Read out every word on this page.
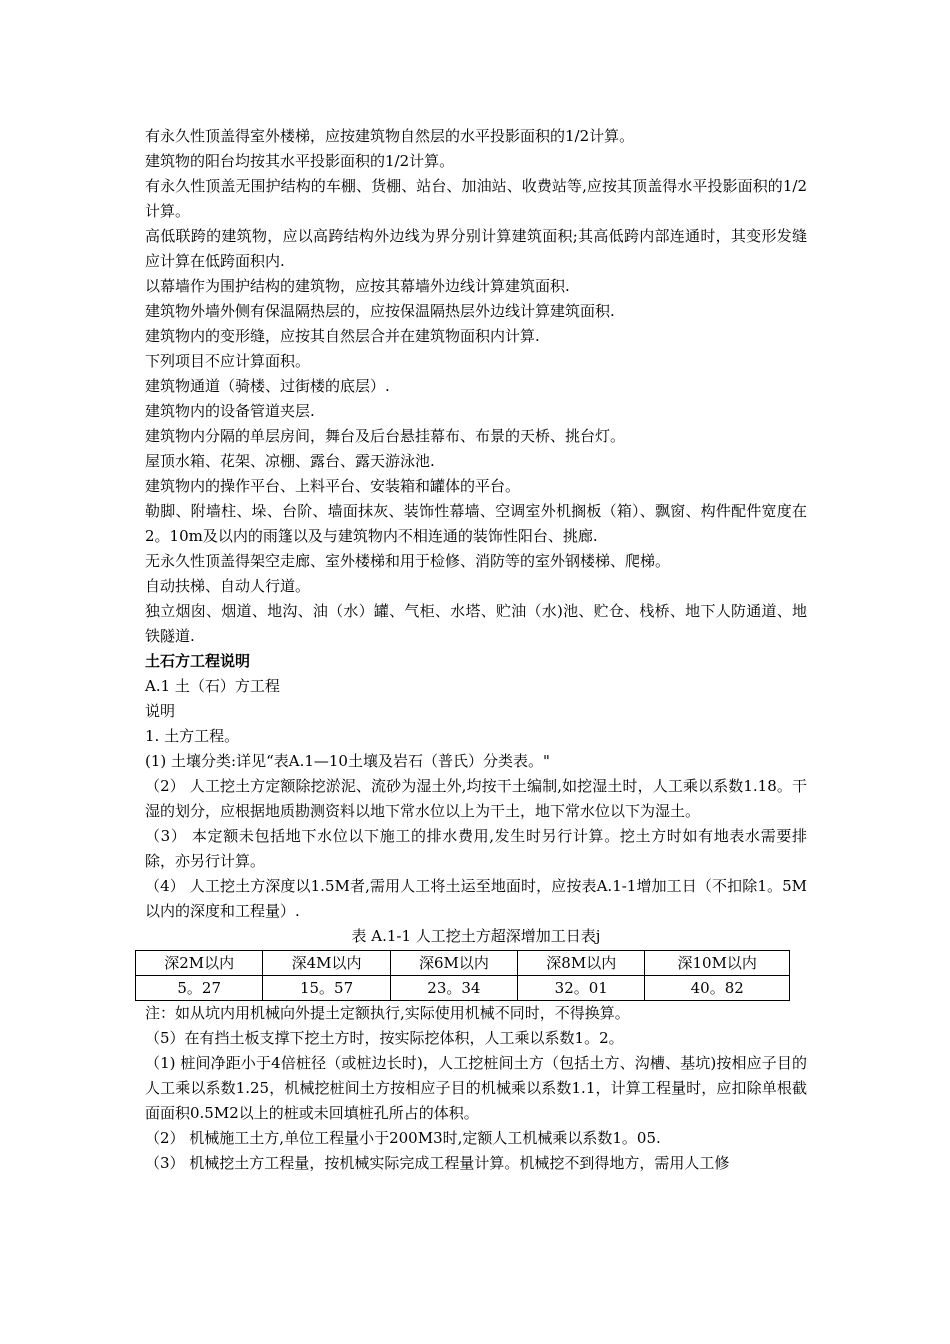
有永久性顶盖得室外楼梯，应按建筑物自然层的水平投影面积的1/2计算。

建筑物的阳台均按其水平投影面积的1/2计算。

有永久性顶盖无围护结构的车棚、货棚、站台、加油站、收费站等,应按其顶盖得水平投影面积的1/2计算。

高低联跨的建筑物，应以高跨结构外边线为界分别计算建筑面积;其高低跨内部连通时，其变形发缝应计算在低跨面积内.

以幕墙作为围护结构的建筑物，应按其幕墙外边线计算建筑面积.

建筑物外墙外侧有保温隔热层的，应按保温隔热层外边线计算建筑面积.

建筑物内的变形缝，应按其自然层合并在建筑物面积内计算.

下列项目不应计算面积。

建筑物通道（骑楼、过街楼的底层）.

建筑物内的设备管道夹层.

建筑物内分隔的单层房间，舞台及后台悬挂幕布、布景的天桥、挑台灯。

屋顶水箱、花架、凉棚、露台、露天游泳池.

建筑物内的操作平台、上料平台、安装箱和罐体的平台。

勒脚、附墙柱、垛、台阶、墙面抹灰、装饰性幕墙、空调室外机搁板（箱）、飘窗、构件配件宽度在2。10m及以内的雨篷以及与建筑物内不相连通的装饰性阳台、挑廊.

无永久性顶盖得架空走廊、室外楼梯和用于检修、消防等的室外钢楼梯、爬梯。

自动扶梯、自动人行道。

独立烟囱、烟道、地沟、油（水）罐、气柜、水塔、贮油（水)池、贮仓、栈桥、地下人防通道、地铁隧道.

土石方工程说明

A.1 土（石）方工程

说明

1. 土方工程。

(1) 土壤分类:详见“表A.1—10土壤及岩石（普氏）分类表。"

（2） 人工挖土方定额除挖淤泥、流砂为湿土外,均按干土编制,如挖湿土时，人工乘以系数1.18。干湿的划分，应根据地质勘测资料以地下常水位以上为干土，地下常水位以下为湿土。

（3） 本定额未包括地下水位以下施工的排水费用,发生时另行计算。挖土方时如有地表水需要排除，亦另行计算。

（4） 人工挖土方深度以1.5M者,需用人工将土运至地面时，应按表A.1-1增加工日（不扣除1。5M以内的深度和工程量）.

表 A.1-1 人工挖土方超深增加工日表j

深2M以内	深4M以内	深6M以内	深8M以内	深10M以内
5。27	15。57	23。34	32。01	40。82

注：如从坑内用机械向外提土定额执行,实际使用机械不同时，不得换算。

（5）在有挡土板支撑下挖土方时，按实际挖体积，人工乘以系数1。2。

（1) 桩间净距小于4倍桩径（或桩边长时)，人工挖桩间土方（包括土方、沟槽、基坑)按相应子目的人工乘以系数1.25，机械挖桩间土方按相应子目的机械乘以系数1.1，计算工程量时，应扣除单根截面面积0.5M2以上的桩或未回填桩孔所占的体积。

（2） 机械施工土方,单位工程量小于200M3时,定额人工机械乘以系数1。05.

（3） 机械挖土方工程量，按机械实际完成工程量计算。机械挖不到得地方，需用人工修
